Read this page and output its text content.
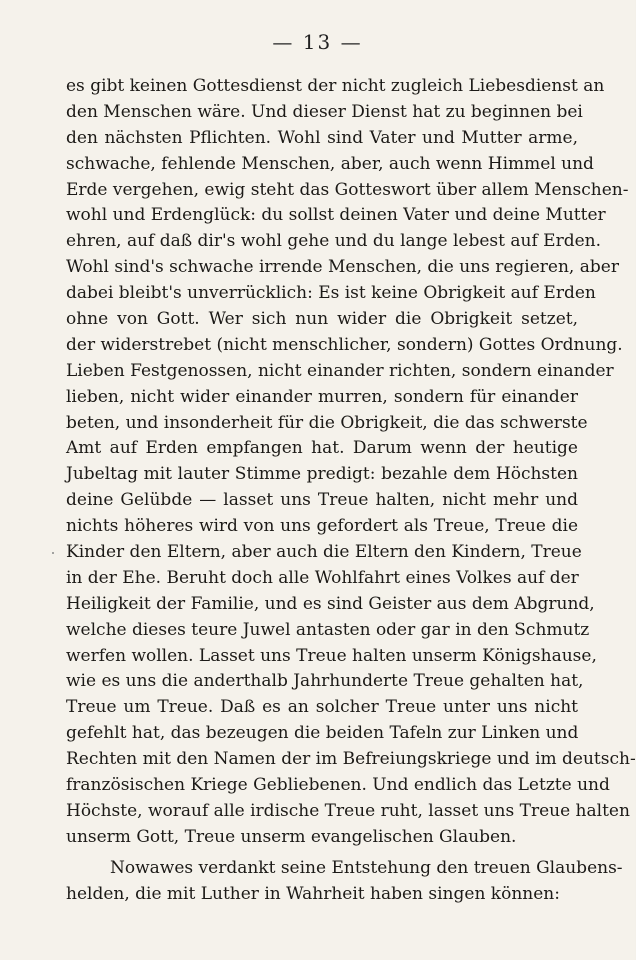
— 13 —
es gibt keinen Gottesdienst der nicht zugleich Liebesdienst an
den Menschen wäre. Und dieser Dienst hat zu beginnen bei
den nächsten Pflichten. Wohl sind Vater und Mutter arme,
schwache, fehlende Menschen, aber, auch wenn Himmel und
Erde vergehen, ewig steht das Gotteswort über allem Menschen-
wohl und Erdenglück: du sollst deinen Vater und deine Mutter
ehren, auf daß dir's wohl gehe und du lange lebest auf Erden.
Wohl sind's schwache irrende Menschen, die uns regieren, aber
dabei bleibt's unverrücklich: Es ist keine Obrigkeit auf Erden
ohne von Gott. Wer sich nun wider die Obrigkeit setzet,
der widerstrebet (nicht menschlicher, sondern) Gottes Ordnung.
Lieben Festgenossen, nicht einander richten, sondern einander
lieben, nicht wider einander murren, sondern für einander
beten, und insonderheit für die Obrigkeit, die das schwerste
Amt auf Erden empfangen hat. Darum wenn der heutige
Jubeltag mit lauter Stimme predigt: bezahle dem Höchsten
deine Gelübde — lasset uns Treue halten, nicht mehr und
nichts höheres wird von uns gefordert als Treue, Treue die
Kinder den Eltern, aber auch die Eltern den Kindern, Treue
in der Ehe. Beruht doch alle Wohlfahrt eines Volkes auf der
Heiligkeit der Familie, und es sind Geister aus dem Abgrund,
welche dieses teure Juwel antasten oder gar in den Schmutz
werfen wollen. Lasset uns Treue halten unserm Königshause,
wie es uns die anderthalb Jahrhunderte Treue gehalten hat,
Treue um Treue. Daß es an solcher Treue unter uns nicht
gefehlt hat, das bezeugen die beiden Tafeln zur Linken und
Rechten mit den Namen der im Befreiungskriege und im deutsch-
französischen Kriege Gebliebenen. Und endlich das Letzte und
Höchste, worauf alle irdische Treue ruht, lasset uns Treue halten
unserm Gott, Treue unserm evangelischen Glauben.
Nowawes verdankt seine Entstehung den treuen Glaubens-
helden, die mit Luther in Wahrheit haben singen können:
